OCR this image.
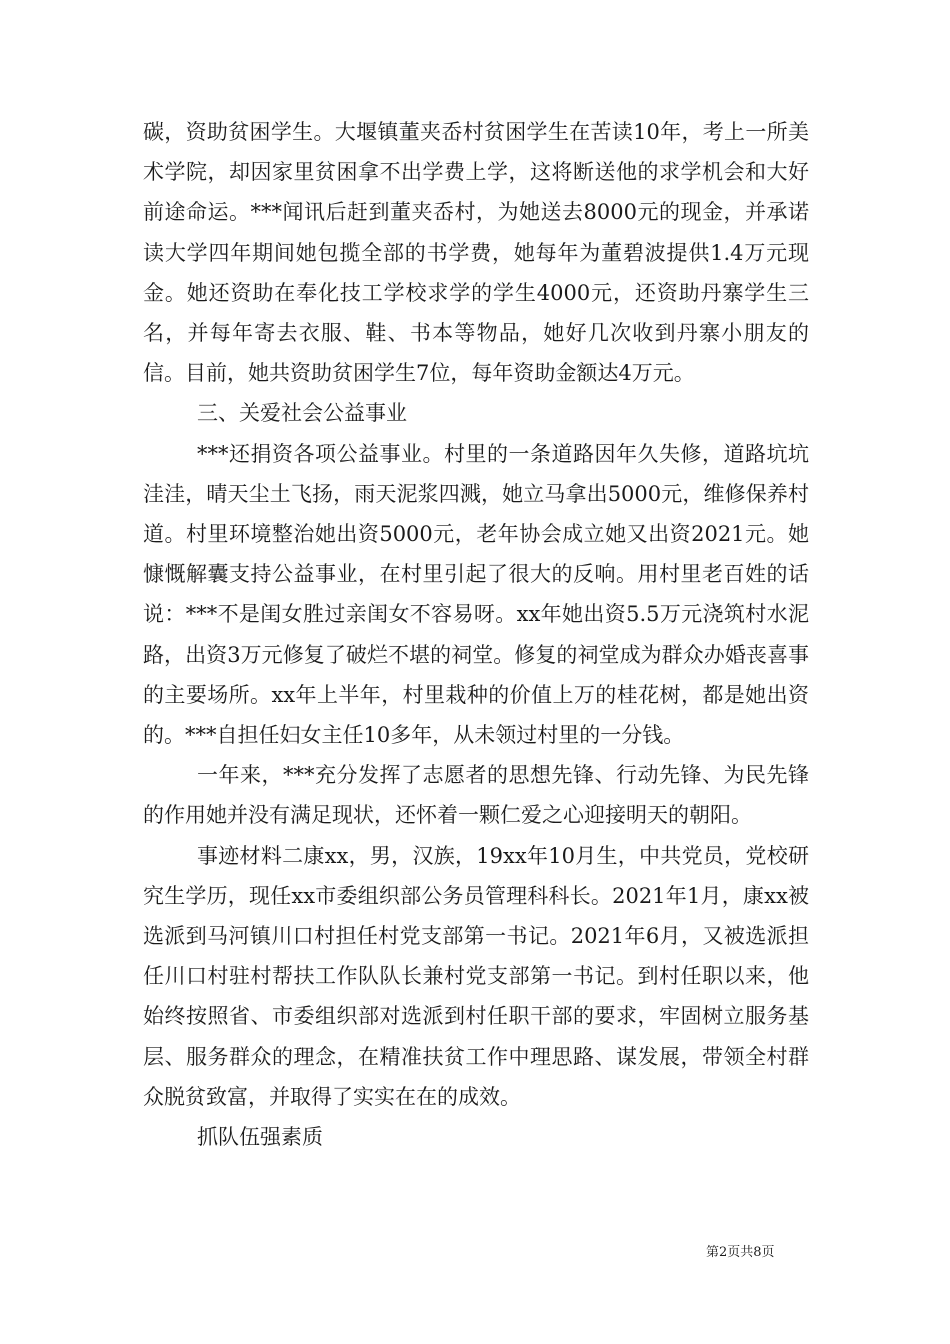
碳，资助贫困学生。大堰镇董夹岙村贫困学生在苦读10年，考上一所美术学院，却因家里贫困拿不出学费上学，这将断送他的求学机会和大好前途命运。***闻讯后赶到董夹岙村，为她送去8000元的现金，并承诺读大学四年期间她包揽全部的书学费，她每年为董碧波提供1.4万元现金。她还资助在奉化技工学校求学的学生4000元，还资助丹寨学生三名，并每年寄去衣服、鞋、书本等物品，她好几次收到丹寨小朋友的信。目前，她共资助贫困学生7位，每年资助金额达4万元。

三、关爱社会公益事业

***还捐资各项公益事业。村里的一条道路因年久失修，道路坑坑洼洼，晴天尘土飞扬，雨天泥浆四溅，她立马拿出5000元，维修保养村道。村里环境整治她出资5000元，老年协会成立她又出资2021元。她慷慨解囊支持公益事业，在村里引起了很大的反响。用村里老百姓的话说：***不是闺女胜过亲闺女不容易呀。xx年她出资5.5万元浇筑村水泥路，出资3万元修复了破烂不堪的祠堂。修复的祠堂成为群众办婚丧喜事的主要场所。xx年上半年，村里栽种的价值上万的桂花树，都是她出资的。***自担任妇女主任10多年，从未领过村里的一分钱。

一年来，***充分发挥了志愿者的思想先锋、行动先锋、为民先锋的作用她并没有满足现状，还怀着一颗仁爱之心迎接明天的朝阳。

事迹材料二康xx，男，汉族，19xx年10月生，中共党员，党校研究生学历，现任xx市委组织部公务员管理科科长。2021年1月，康xx被选派到马河镇川口村担任村党支部第一书记。2021年6月，又被选派担任川口村驻村帮扶工作队队长兼村党支部第一书记。到村任职以来，他始终按照省、市委组织部对选派到村任职干部的要求，牢固树立服务基层、服务群众的理念，在精准扶贫工作中理思路、谋发展，带领全村群众脱贫致富，并取得了实实在在的成效。

抓队伍强素质

第2页共8页
